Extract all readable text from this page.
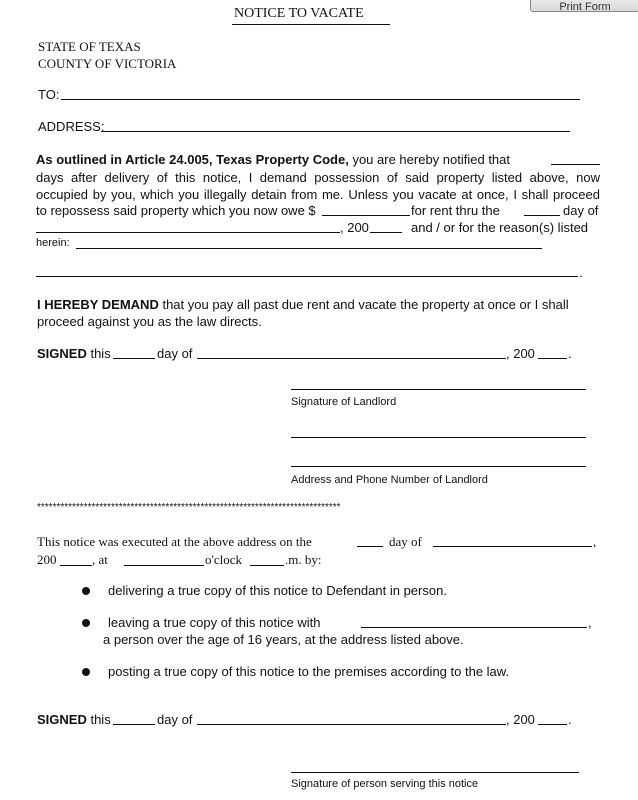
Print Form
NOTICE TO VACATE
STATE OF TEXAS
COUNTY OF VICTORIA
TO:
ADDRESS:
As outlined in Article 24.005, Texas Property Code, you are hereby notified that
days after delivery of this notice, I demand possession of said property listed above, now
occupied by you, which you illegally detain from me. Unless you vacate at once, I shall proceed
to repossess said property which you now owe $	for rent thru the	day of
, 200	and / or for the reason(s) listed
herein:
.
I HEREBY DEMAND that you pay all past due rent and vacate the property at once or I shall
proceed against you as the law directs.
SIGNED this	day of	, 200	.
Signature of Landlord
Address and Phone Number of Landlord
******************************************************************************
This notice was executed at the above address on the	day of	,
200	, at	o'clock	.m. by:
delivering a true copy of this notice to Defendant in person.
leaving a true copy of this notice with	,
a person over the age of 16 years, at the address listed above.
posting a true copy of this notice to the premises according to the law.
SIGNED this	day of	, 200	.
Signature of person serving this notice
